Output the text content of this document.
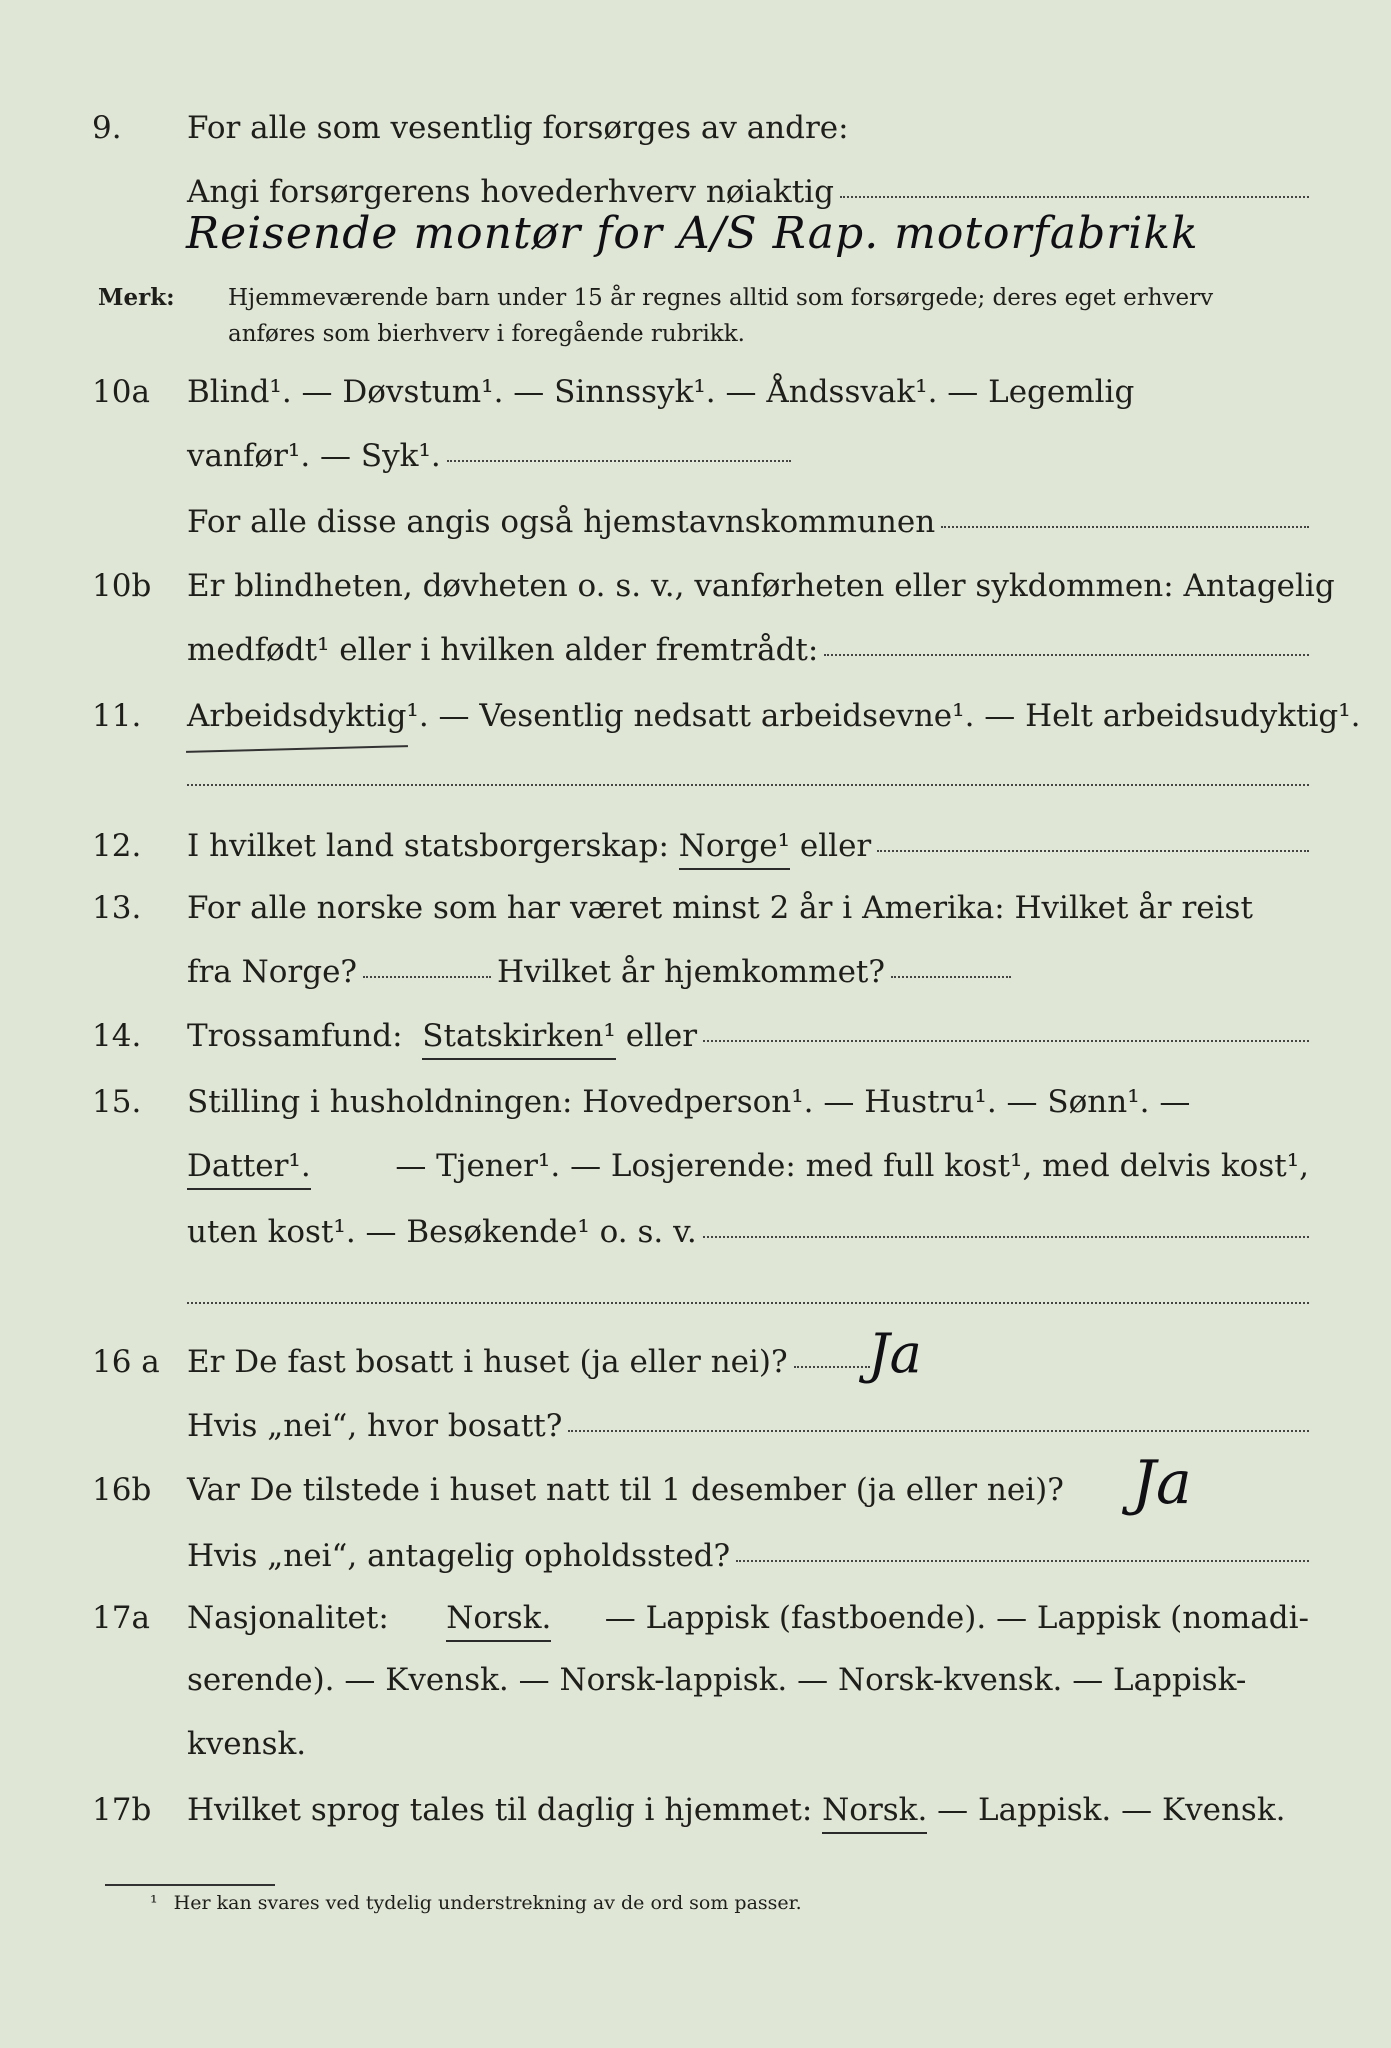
9.	For alle som vesentlig forsørges av andre:
Angi forsørgerens hovederhverv nøiaktig
Reisende montør for A/S Rap. motorfabrikk
Merk: Hjemmeværende barn under 15 år regnes alltid som forsørgede; deres eget erhverv
anføres som bierhverv i foregående rubrikk.
10a	Blind¹. — Døvstum¹. — Sinnssyk¹. — Åndssvak¹. — Legemlig
vanfør¹. — Syk¹.
For alle disse angis også hjemstavnskommunen
10b	Er blindheten, døvheten o. s. v., vanførheten eller sykdommen: Antagelig
medfødt¹ eller i hvilken alder fremtrådt:
11.	Arbeidsdyktig¹. — Vesentlig nedsatt arbeidsevne¹. — Helt arbeidsudyktig¹.
12.	I hvilket land statsborgerskap:
Norge¹
eller
13.	For alle norske som har været minst 2 år i Amerika: Hvilket år reist
fra Norge?	Hvilket år hjemkommet?
14.	Trossamfund:
Statskirken¹
eller
15.	Stilling i husholdningen: Hovedperson¹. — Hustru¹. — Sønn¹. —
Datter¹.	— Tjener¹. — Losjerende: med full kost¹, med delvis kost¹,
uten kost¹. — Besøkende¹ o. s. v.
16 a Er De fast bosatt i huset (ja eller nei)? Ja
Hvis „nei“, hvor bosatt?
16b	Var De tilstede i huset natt til 1 desember (ja eller nei)? Ja
Hvis „nei“, antagelig opholdssted?
17a	Nasjonalitet: Norsk. — Lappisk (fastboende). — Lappisk (nomadi-
serende). — Kvensk. — Norsk-lappisk. — Norsk-kvensk. — Lappisk-
kvensk.
17b	Hvilket sprog tales til daglig i hjemmet:
Norsk.
— Lappisk. — Kvensk.
¹ Her kan svares ved tydelig understrekning av de ord som passer.
